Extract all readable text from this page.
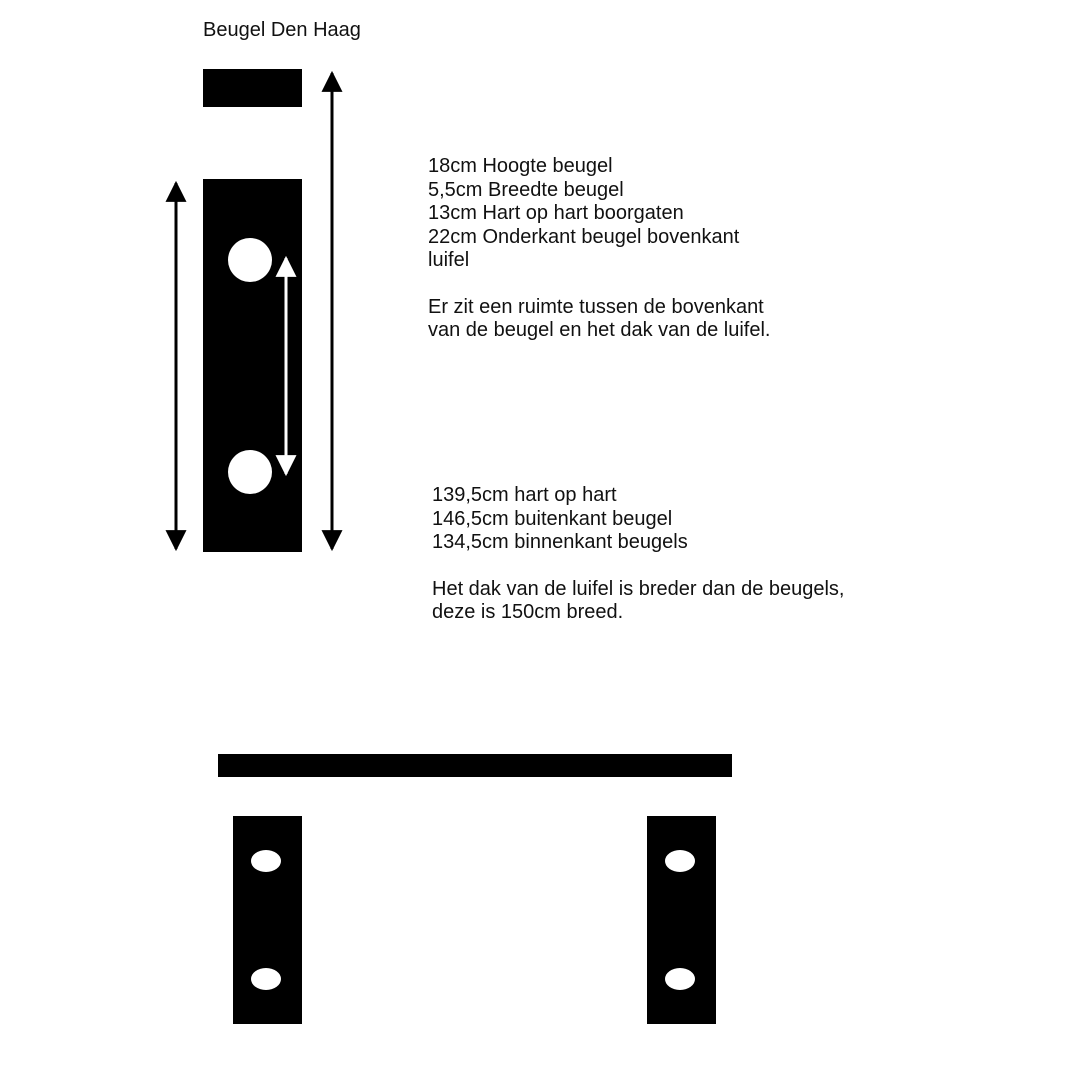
Beugel Den Haag
18cm Hoogte beugel
5,5cm Breedte beugel
13cm Hart op hart boorgaten
22cm Onderkant beugel bovenkant
luifel
Er zit een ruimte tussen de bovenkant
van de beugel en het dak van de luifel.
139,5cm hart op hart
146,5cm buitenkant beugel
134,5cm binnenkant beugels
Het dak van de luifel is breder dan de beugels,
deze is 150cm breed.
